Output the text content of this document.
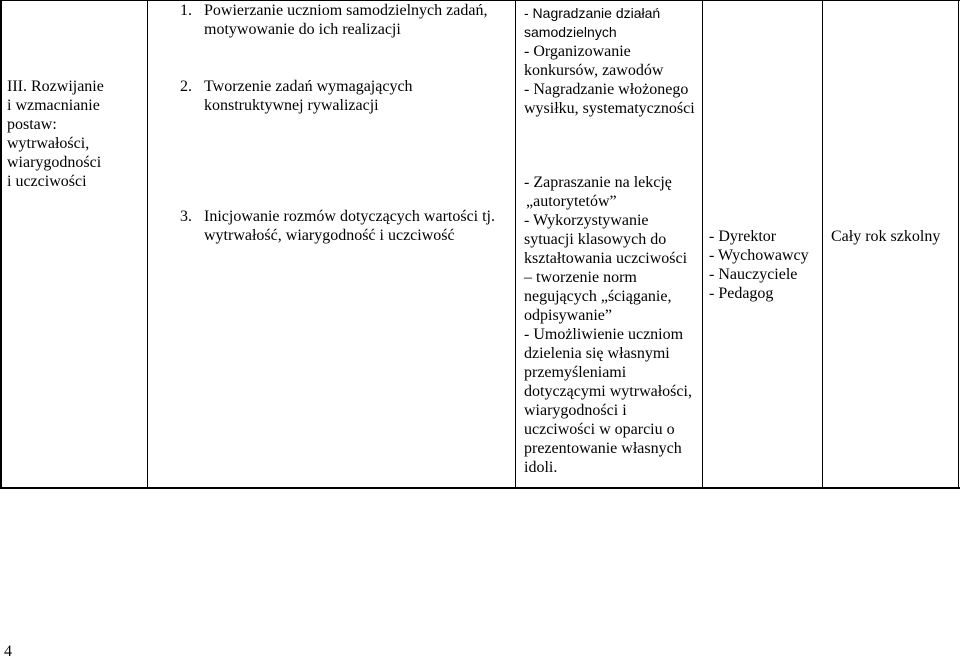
III. Rozwijanie
i wzmacnianie
postaw:
wytrwałości,
wiarygodności
i uczciwości
1. Powierzanie uczniom samodzielnych zadań,
motywowanie do ich realizacji
2. Tworzenie zadań wymagających
konstruktywnej rywalizacji
3. Inicjowanie rozmów dotyczących wartości tj.
wytrwałość, wiarygodność i uczciwość
- Nagradzanie działań
samodzielnych
- Organizowanie
konkursów, zawodów
- Nagradzanie włożonego
wysiłku, systematyczności
- Zapraszanie na lekcję
„autorytetów”
- Wykorzystywanie
sytuacji klasowych do
kształtowania uczciwości
– tworzenie norm
negujących „ściąganie,
odpisywanie”
- Umożliwienie uczniom
dzielenia się własnymi
przemyśleniami
dotyczącymi wytrwałości,
wiarygodności i
uczciwości w oparciu o
prezentowanie własnych
idoli.
- Dyrektor
- Wychowawcy
- Nauczyciele
- Pedagog
Cały rok szkolny
4
